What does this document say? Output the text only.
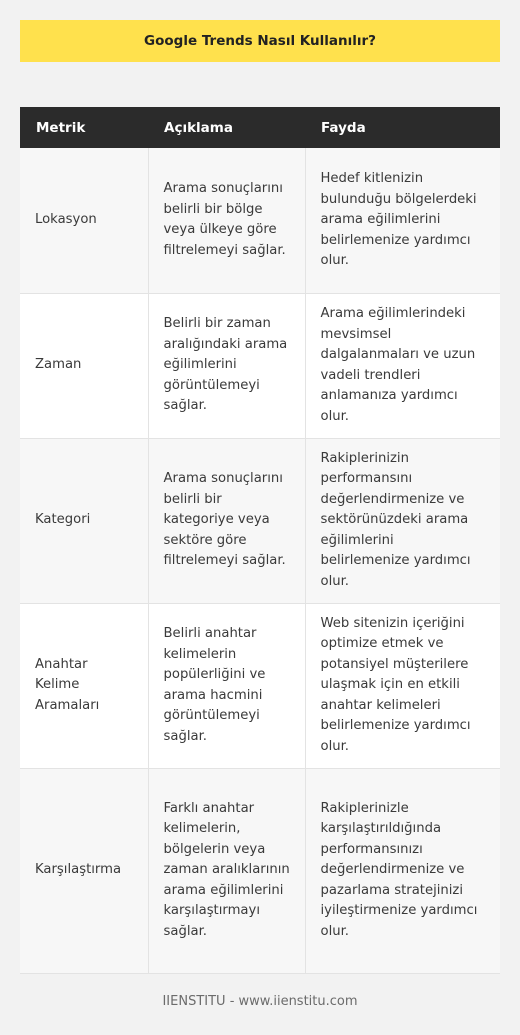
Google Trends Nasıl Kullanılır?
Metrik	Açıklama	Fayda
Lokasyon	Arama sonuçlarını belirli bir bölge veya ülkeye göre filtrelemeyi sağlar.	Hedef kitlenizin bulunduğu bölgelerdeki arama eğilimlerini belirlemenize yardımcı olur.
Zaman	Belirli bir zaman aralığındaki arama eğilimlerini görüntülemeyi sağlar.	Arama eğilimlerindeki mevsimsel dalgalanmaları ve uzun vadeli trendleri anlamanıza yardımcı olur.
Kategori	Arama sonuçlarını belirli bir kategoriye veya sektöre göre filtrelemeyi sağlar.	Rakiplerinizin performansını değerlendirmenize ve sektörünüzdeki arama eğilimlerini belirlemenize yardımcı olur.
Anahtar Kelime Aramaları	Belirli anahtar kelimelerin popülerliğini ve arama hacmini görüntülemeyi sağlar.	Web sitenizin içeriğini optimize etmek ve potansiyel müşterilere ulaşmak için en etkili anahtar kelimeleri belirlemenize yardımcı olur.
Karşılaştırma	Farklı anahtar kelimelerin, bölgelerin veya zaman aralıklarının arama eğilimlerini karşılaştırmayı sağlar.	Rakiplerinizle karşılaştırıldığında performansınızı değerlendirmenize ve pazarlama stratejinizi iyileştirmenize yardımcı olur.
IIENSTITU - www.iienstitu.com
